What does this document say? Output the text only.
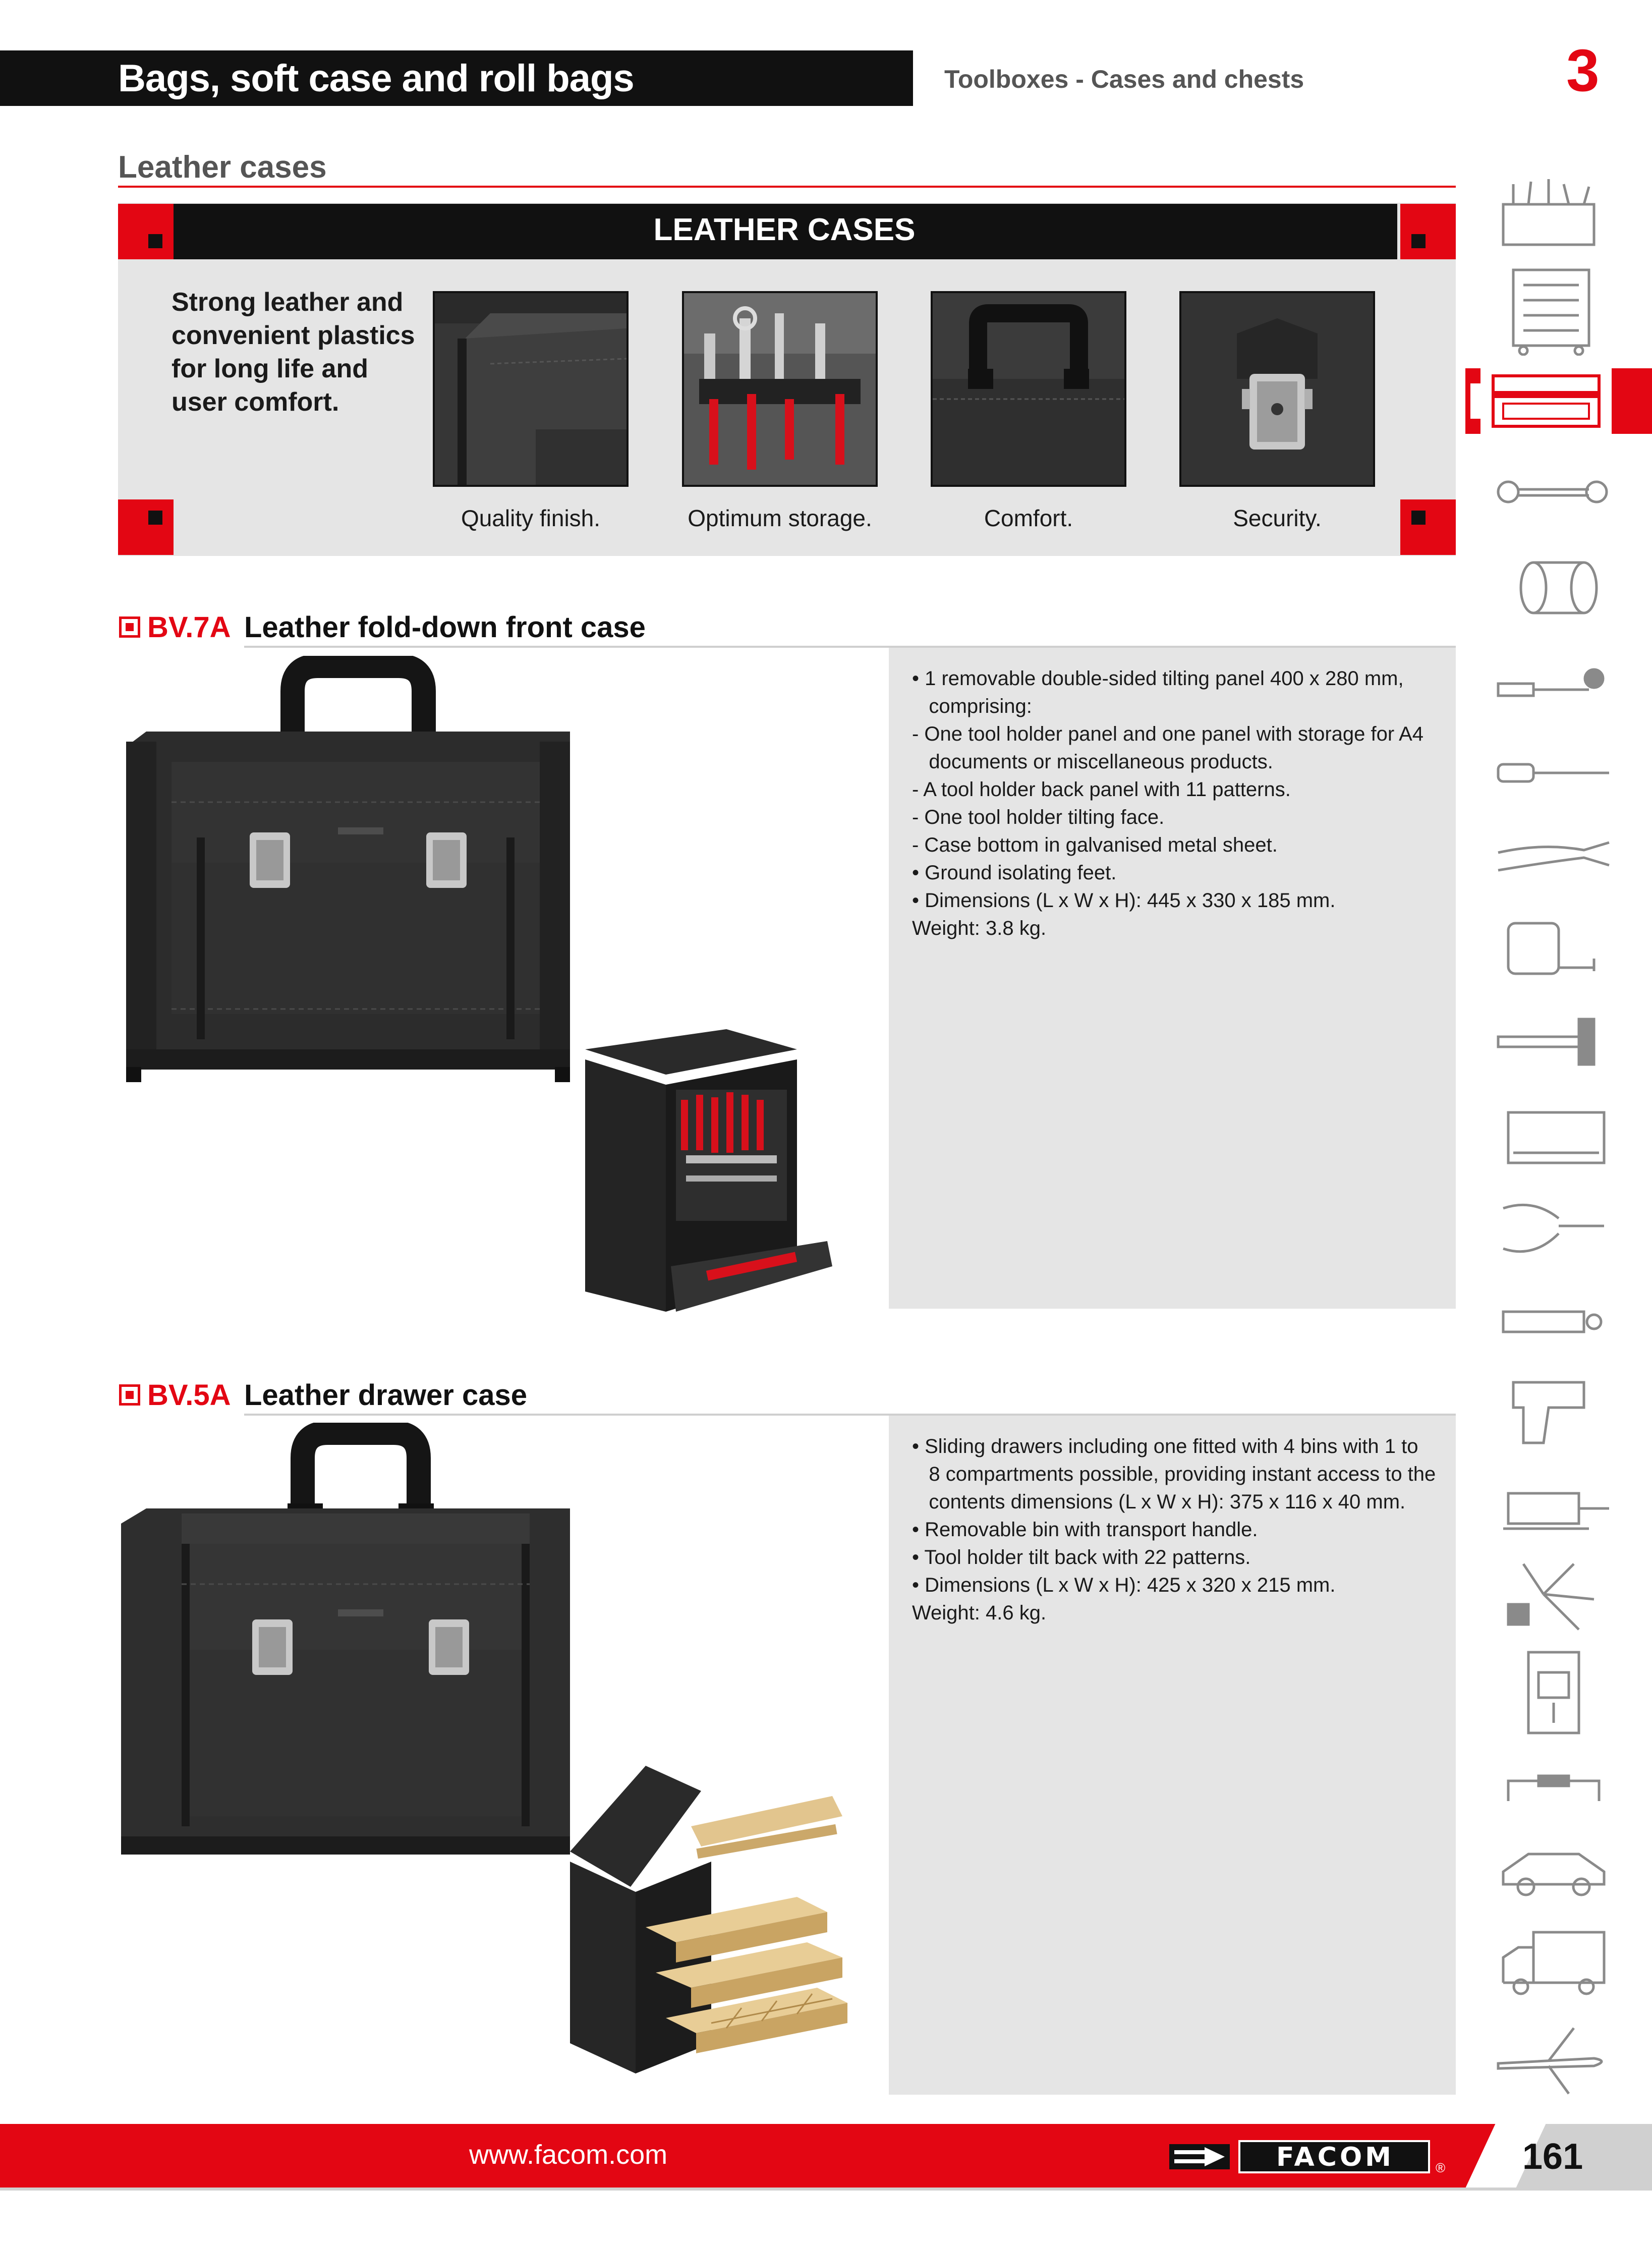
Bags, soft case and roll bags	Toolboxes - Cases and chests	3
Leather cases
LEATHER CASES
Strong leather and
convenient plastics
for long life and
user comfort.
Quality finish.	Optimum storage.	Comfort.	Security.
BV.7A Leather fold-down front case
• 1 removable double-sided tilting panel 400 x 280 mm,
comprising:
- One tool holder panel and one panel with storage for A4
documents or miscellaneous products.
- A tool holder back panel with 11 patterns.
- One tool holder tilting face.
- Case bottom in galvanised metal sheet.
• Ground isolating feet.
• Dimensions (L x W x H): 445 x 330 x 185 mm.
Weight: 3.8 kg.
BV.5A Leather drawer case
• Sliding drawers including one fitted with 4 bins with 1 to
8 compartments possible, providing instant access to the
contents dimensions (L x W x H): 375 x 116 x 40 mm.
• Removable bin with transport handle.
• Tool holder tilt back with 22 patterns.
• Dimensions (L x W x H): 425 x 320 x 215 mm.
Weight: 4.6 kg.
www.facom.com	FACOM	® 161
